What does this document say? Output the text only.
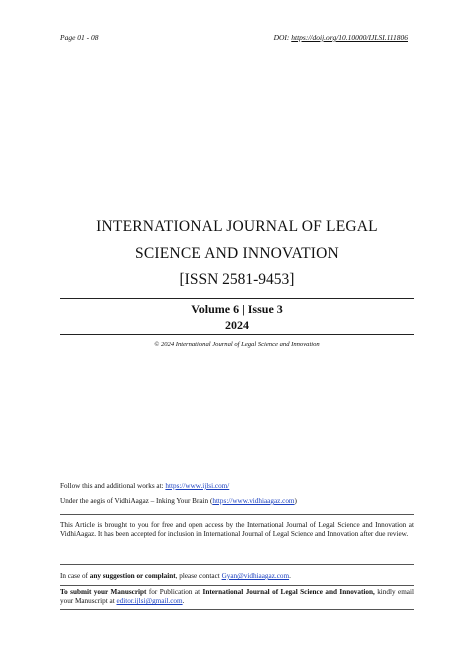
Page 01 - 08	DOI: https://doij.org/10.10000/IJLSI.111806
INTERNATIONAL JOURNAL OF LEGAL
SCIENCE AND INNOVATION
[ISSN 2581-9453]
Volume 6 | Issue 3
2024
© 2024 International Journal of Legal Science and Innovation
Follow this and additional works at: https://www.ijlsi.com/
Under the aegis of VidhiAagaz – Inking Your Brain (https://www.vidhiaagaz.com)
This Article is brought to you for free and open access by the International Journal of Legal Science and Innovation at VidhiAagaz. It has been accepted for inclusion in International Journal of Legal Science and Innovation after due review.
In case of any suggestion or complaint, please contact Gyan@vidhiaagaz.com.
To submit your Manuscript for Publication at International Journal of Legal Science and Innovation, kindly email your Manuscript at editor.ijlsi@gmail.com.
